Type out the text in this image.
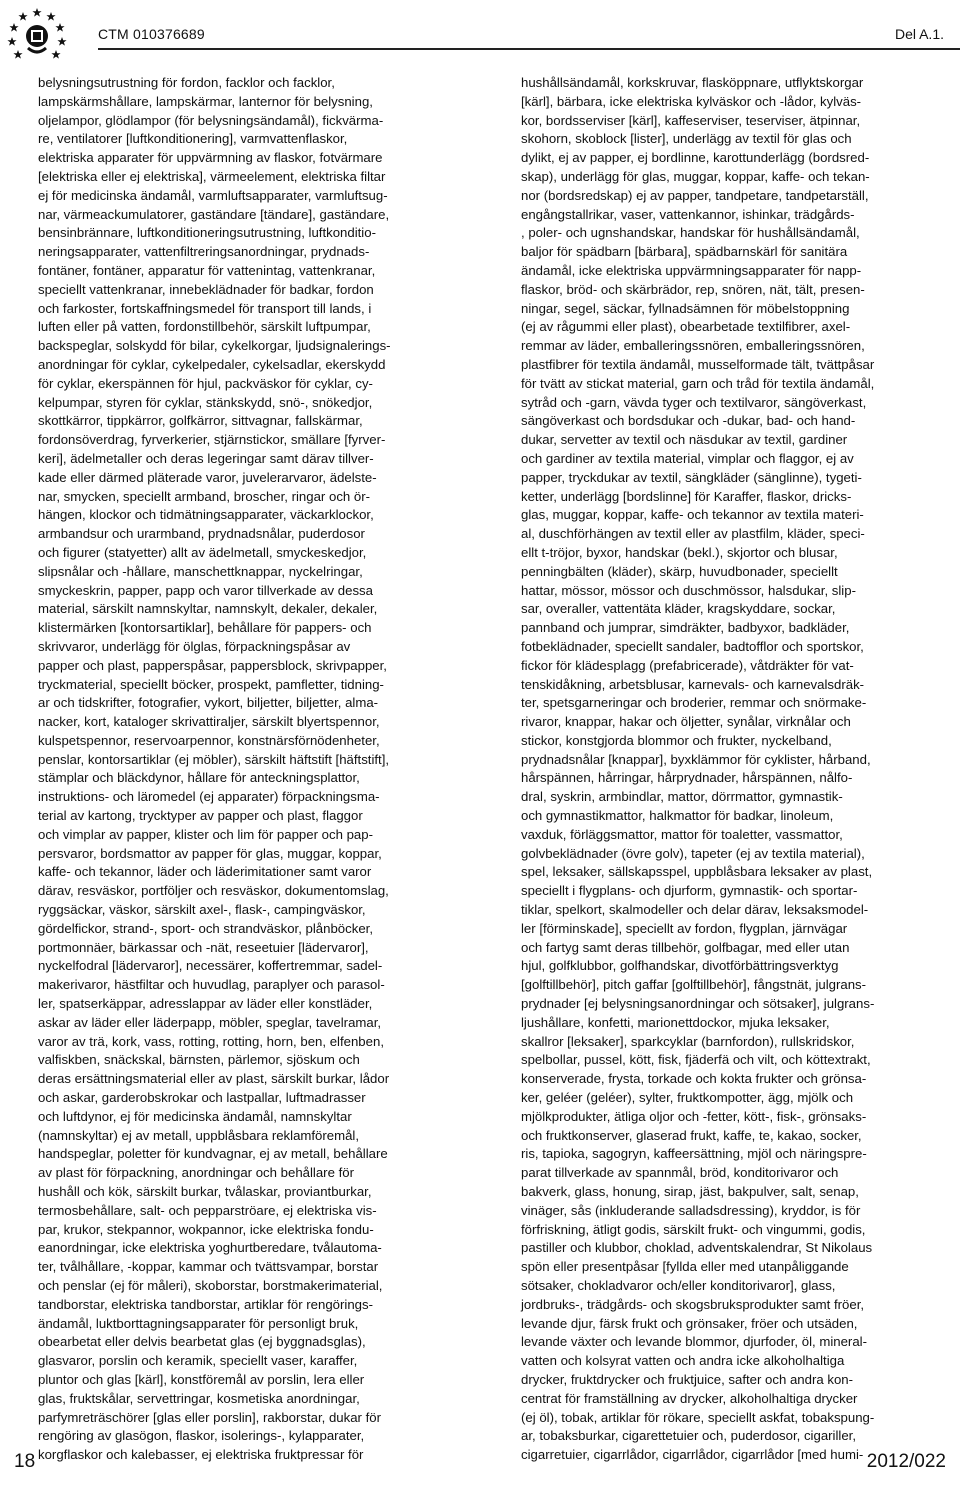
CTM 010376689	Del A.1.
belysningsutrustning för fordon, facklor och facklor,
lampskärmshållare, lampskärmar, lanternor för belysning,
oljelampor, glödlampor (för belysningsändamål), fickvärma-
re, ventilatorer [luftkonditionering], varmvattenflaskor,
elektriska apparater för uppvärmning av flaskor, fotvärmare
[elektriska eller ej elektriska], värmeelement, elektriska filtar
ej för medicinska ändamål, varmluftsapparater, varmluftsug-
nar, värmeackumulatorer, gaständare [tändare], gaständare,
bensinbrännare, luftkonditioneringsutrustning, luftkonditio-
neringsapparater, vattenfiltreringsanordningar, prydnads-
fontäner, fontäner, apparatur för vattenintag, vattenkranar,
speciellt vattenkranar, innebeklädnader för badkar, fordon
och farkoster, fortskaffningsmedel för transport till lands, i
luften eller på vatten, fordonstillbehör, särskilt luftpumpar,
backspeglar, solskydd för bilar, cykelkorgar, ljudsignalerings-
anordningar för cyklar, cykelpedaler, cykelsadlar, ekerskydd
för cyklar, ekerspännen för hjul, packväskor för cyklar, cy-
kelpumpar, styren för cyklar, stänkskydd, snö-, snökedjor,
skottkärror, tippkärror, golfkärror, sittvagnar, fallskärmar,
fordonsöverdrag, fyrverkerier, stjärnstickor, smällare [fyrver-
keri], ädelmetaller och deras legeringar samt därav tillver-
kade eller därmed pläterade varor, juvelerarvaror, ädelste-
nar, smycken, speciellt armband, broscher, ringar och ör-
hängen, klockor och tidmätningsapparater, väckarklockor,
armbandsur och urarmband, prydnadsnålar, puderdosor
och figurer (statyetter) allt av ädelmetall, smyckeskedjor,
slipsnålar och -hållare, manschettknappar, nyckelringar,
smyckeskrin, papper, papp och varor tillverkade av dessa
material, särskilt namnskyltar, namnskylt, dekaler, dekaler,
klistermärken [kontorsartiklar], behållare för pappers- och
skrivvaror, underlägg för ölglas, förpackningspåsar av
papper och plast, papperspåsar, pappersblock, skrivpapper,
tryckmaterial, speciellt böcker, prospekt, pamfletter, tidning-
ar och tidskrifter, fotografier, vykort, biljetter, biljetter, alma-
nacker, kort, kataloger skrivattiraljer, särskilt blyertspennor,
kulspetspennor, reservoarpennor, konstnärsförnödenheter,
penslar, kontorsartiklar (ej möbler), särskilt häftstift [häftstift],
stämplar och bläckdynor, hållare för anteckningsplattor,
instruktions- och läromedel (ej apparater) förpackningsma-
terial av kartong, trycktyper av papper och plast, flaggor
och vimplar av papper, klister och lim för papper och pap-
persvaror, bordsmattor av papper för glas, muggar, koppar,
kaffe- och tekannor, läder och läderimitationer samt varor
därav, resväskor, portföljer och resväskor, dokumentomslag,
ryggsäckar, väskor, särskilt axel-, flask-, campingväskor,
gördelfickor, strand-, sport- och strandväskor, plånböcker,
portmonnäer, bärkassar och -nät, reseetuier [lädervaror],
nyckelfodral [lädervaror], necessärer, koffertremmar, sadel-
makerivaror, hästfiltar och huvudlag, paraplyer och parasol-
ler, spatserkäppar, adresslappar av läder eller konstläder,
askar av läder eller läderpapp, möbler, speglar, tavelramar,
varor av trä, kork, vass, rotting, rotting, horn, ben, elfenben,
valfiskben, snäckskal, bärnsten, pärlemor, sjöskum och
deras ersättningsmaterial eller av plast, särskilt burkar, lådor
och askar, garderobskrokar och lastpallar, luftmadrasser
och luftdynor, ej för medicinska ändamål, namnskyltar
(namnskyltar) ej av metall, uppblåsbara reklamföremål,
handspeglar, poletter för kundvagnar, ej av metall, behållare
av plast för förpackning, anordningar och behållare för
hushåll och kök, särskilt burkar, tvålaskar, proviantburkar,
termosbehållare, salt- och pepparströare, ej elektriska vis-
par, krukor, stekpannor, wokpannor, icke elektriska fondu-
eanordningar, icke elektriska yoghurtberedare, tvålautoma-
ter, tvålhållare, -koppar, kammar och tvättsvampar, borstar
och penslar (ej för måleri), skoborstar, borstmakerimaterial,
tandborstar, elektriska tandborstar, artiklar för rengörings-
ändamål, luktborttagningsapparater för personligt bruk,
obearbetat eller delvis bearbetat glas (ej byggnadsglas),
glasvaror, porslin och keramik, speciellt vaser, karaffer,
pluntor och glas [kärl], konstföremål av porslin, lera eller
glas, fruktskålar, servettringar, kosmetiska anordningar,
parfymreträschörer [glas eller porslin], rakborstar, dukar för
rengöring av glasögon, flaskor, isolerings-, kylapparater,
korgflaskor och kalebasser, ej elektriska fruktpressar för
hushållsändamål, korkskruvar, flasköppnare, utflyktskorgar
[kärl], bärbara, icke elektriska kylväskor och -lådor, kylväs-
kor, bordsserviser [kärl], kaffeserviser, teserviser, ätpinnar,
skohorn, skoblock [lister], underlägg av textil för glas och
dylikt, ej av papper, ej bordlinne, karottunderlägg (bordsred-
skap), underlägg för glas, muggar, koppar, kaffe- och tekan-
nor (bordsredskap) ej av papper, tandpetare, tandpetarställ,
engångstallrikar, vaser, vattenkannor, ishinkar, trädgårds-
, poler- och ugnshandskar, handskar för hushållsändamål,
baljor för spädbarn [bärbara], spädbarnskärl för sanitära
ändamål, icke elektriska uppvärmningsapparater för napp-
flaskor, bröd- och skärbrädor, rep, snören, nät, tält, presen-
ningar, segel, säckar, fyllnadsämnen för möbelstoppning
(ej av rågummi eller plast), obearbetade textilfibrer, axel-
remmar av läder, emballeringssnören, emballeringssnören,
plastfibrer för textila ändamål, musselformade tält, tvättpåsar
för tvätt av stickat material, garn och tråd för textila ändamål,
sytråd och -garn, vävda tyger och textilvaror, sängöverkast,
sängöverkast och bordsdukar och -dukar, bad- och hand-
dukar, servetter av textil och näsdukar av textil, gardiner
och gardiner av textila material, vimplar och flaggor, ej av
papper, tryckdukar av textil, sängkläder (sänglinne), tygeti-
ketter, underlägg [bordslinne] för Karaffer, flaskor, dricks-
glas, muggar, koppar, kaffe- och tekannor av textila materi-
al, duschförhängen av textil eller av plastfilm, kläder, speci-
ellt t-tröjor, byxor, handskar (bekl.), skjortor och blusar,
penningbälten (kläder), skärp, huvudbonader, speciellt
hattar, mössor, mössor och duschmössor, halsdukar, slip-
sar, overaller, vattentäta kläder, kragskyddare, sockar,
pannband och jumprar, simdräkter, badbyxor, badkläder,
fotbeklädnader, speciellt sandaler, badtofflor och sportskor,
fickor för klädesplagg (prefabricerade), våtdräkter för vat-
tenskidåkning, arbetsblusar, karnevals- och karnevalsdräk-
ter, spetsgarneringar och broderier, remmar och snörmake-
rivaror, knappar, hakar och öljetter, synålar, virknålar och
stickor, konstgjorda blommor och frukter, nyckelband,
prydnadsnålar [knappar], byxklämmor för cyklister, hårband,
hårspännen, hårringar, hårprydnader, hårspännen, nålfo-
dral, syskrin, armbindlar, mattor, dörrmattor, gymnastik-
och gymnastikmattor, halkmattor för badkar, linoleum,
vaxduk, förläggsmattor, mattor för toaletter, vassmattor,
golvbeklädnader (övre golv), tapeter (ej av textila material),
spel, leksaker, sällskapsspel, uppblåsbara leksaker av plast,
speciellt i flygplans- och djurform, gymnastik- och sportar-
tiklar, spelkort, skalmodeller och delar därav, leksaksmodel-
ler [förminskade], speciellt av fordon, flygplan, järnvägar
och fartyg samt deras tillbehör, golfbagar, med eller utan
hjul, golfklubbor, golfhandskar, divotförbättringsverktyg
[golftillbehör], pitch gaffar [golftillbehör], fångstnät, julgrans-
prydnader [ej belysningsanordningar och sötsaker], julgrans-
ljushållare, konfetti, marionettdockor, mjuka leksaker,
skallror [leksaker], sparkcyklar (barnfordon), rullskridskor,
spelbollar, pussel, kött, fisk, fjäderfä och vilt, och köttextrakt,
konserverade, frysta, torkade och kokta frukter och grönsa-
ker, geléer (geléer), sylter, fruktkompotter, ägg, mjölk och
mjölkprodukter, ätliga oljor och -fetter, kött-, fisk-, grönsaks-
och fruktkonserver, glaserad frukt, kaffe, te, kakao, socker,
ris, tapioka, sagogryn, kaffeersättning, mjöl och näringspre-
parat tillverkade av spannmål, bröd, konditorivaror och
bakverk, glass, honung, sirap, jäst, bakpulver, salt, senap,
vinäger, sås (inkluderande salladsdressing), kryddor, is för
förfriskning, ätligt godis, särskilt frukt- och vingummi, godis,
pastiller och klubbor, choklad, adventskalendrar, St Nikolaus
spön eller presentpåsar [fyllda eller med utanpåliggande
sötsaker, chokladvaror och/eller konditorivaror], glass,
jordbruks-, trädgårds- och skogsbruksprodukter samt fröer,
levande djur, färsk frukt och grönsaker, fröer och utsäden,
levande växter och levande blommor, djurfoder, öl, mineral-
vatten och kolsyrat vatten och andra icke alkoholhaltiga
drycker, fruktdrycker och fruktjuice, safter och andra kon-
centrat för framställning av drycker, alkoholhaltiga drycker
(ej öl), tobak, artiklar för rökare, speciellt askfat, tobakspung-
ar, tobaksburkar, cigarettetuier och, puderdosor, cigariller,
cigarretuier, cigarrlådor, cigarrlådor, cigarrlådor [med humi-
18	2012/022
